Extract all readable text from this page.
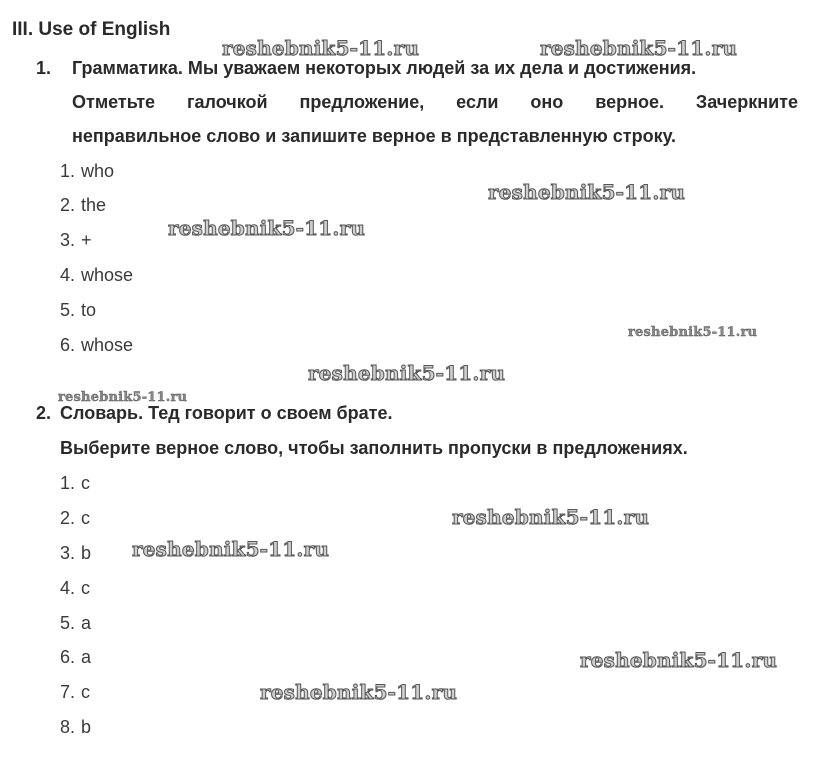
III. Use of English
1. Грамматика. Мы уважаем некоторых людей за их дела и достижения.
Отметьте галочкой предложение, если оно верное. Зачеркните
неправильное слово и запишите верное в представленную строку.
1. who
2. the
3. +
4. whose
5. to
6. whose
2. Словарь. Тед говорит о своем брате.
Выберите верное слово, чтобы заполнить пропуски в предложениях.
1. c
2. c
3. b
4. c
5. a
6. a
7. c
8. b
reshebnik5-11.ru	reshebnik5-11.ru
reshebnik5-11.ru
reshebnik5-11.ru
reshebnik5-11.ru
reshebnik5-11.ru
reshebnik5-11.ru
reshebnik5-11.ru
reshebnik5-11.ru
reshebnik5-11.ru
reshebnik5-11.ru
